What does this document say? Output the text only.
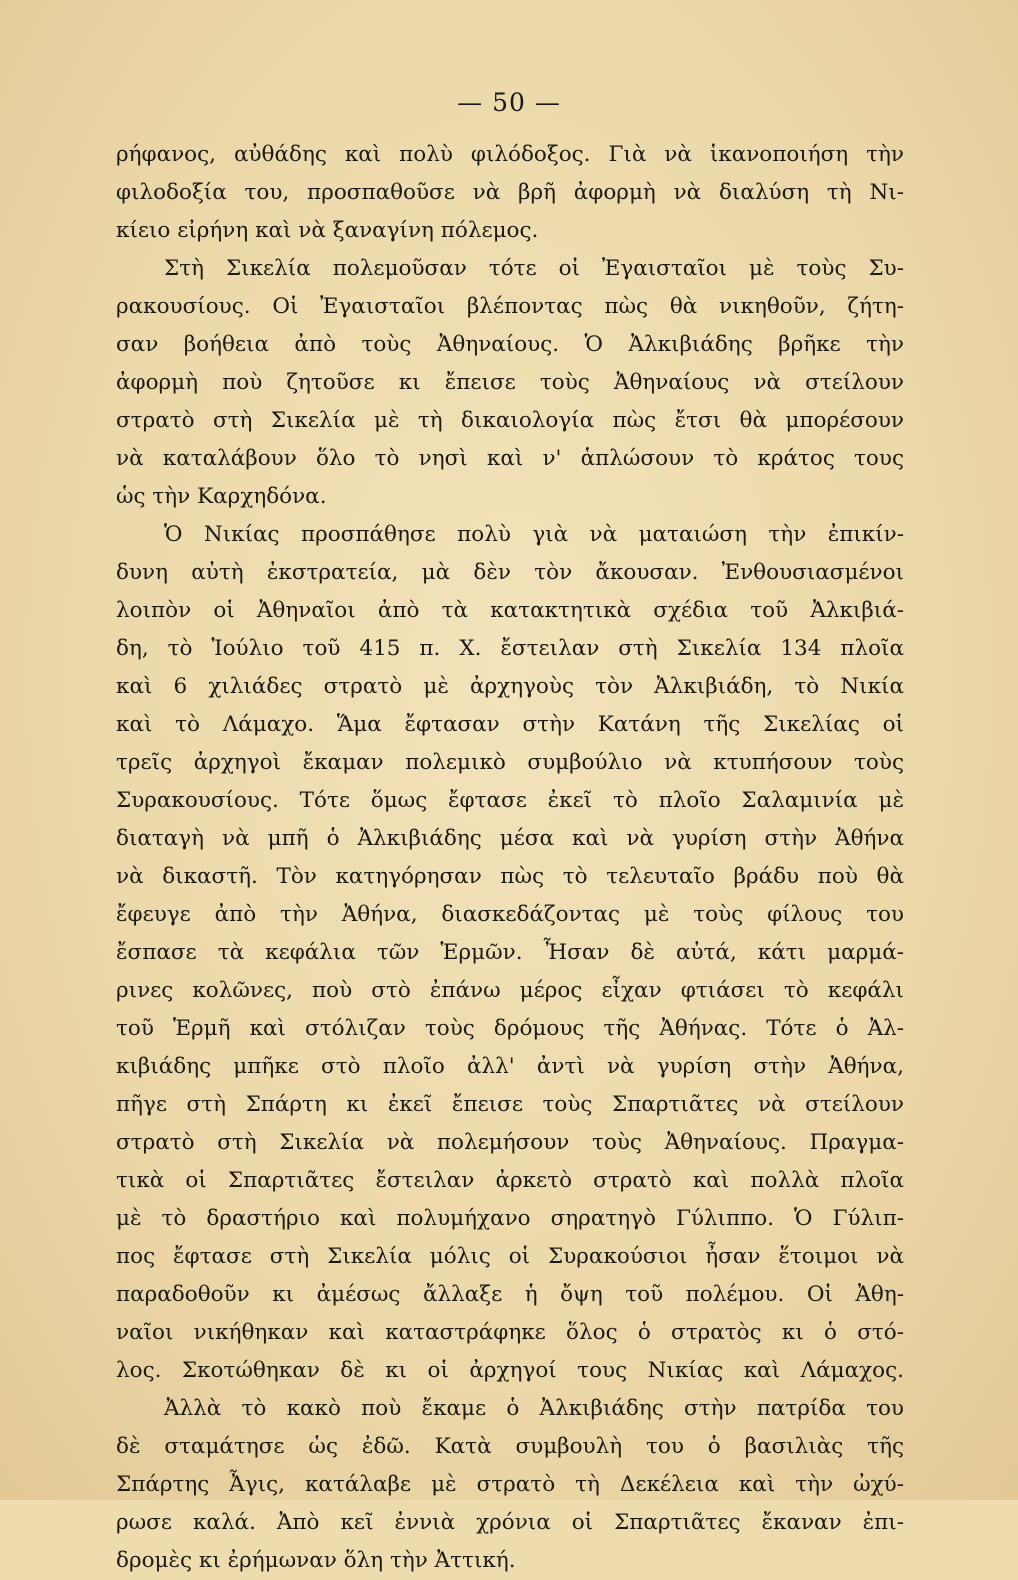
— 50 —
ρήφανος, αὐθάδης καὶ πολὺ φιλόδοξος. Γιὰ νὰ ἱκανοποιήση τὴν
φιλοδοξία του, προσπαθοῦσε νὰ βρῆ ἀφορμὴ νὰ διαλύση τὴ Νι-
κίειο εἰρήνη καὶ νὰ ξαναγίνη πόλεμος.
Στὴ Σικελία πολεμοῦσαν τότε οἱ Ἐγαισταῖοι μὲ τοὺς Συ-
ρακουσίους. Οἱ Ἐγαισταῖοι βλέποντας πὼς θὰ νικηθοῦν, ζήτη-
σαν βοήθεια ἀπὸ τοὺς Ἀθηναίους. Ὁ Ἀλκιβιάδης βρῆκε τὴν
ἀφορμὴ ποὺ ζητοῦσε κι ἔπεισε τοὺς Ἀθηναίους νὰ στείλουν
στρατὸ στὴ Σικελία μὲ τὴ δικαιολογία πὼς ἔτσι θὰ μπορέσουν
νὰ καταλάβουν ὅλο τὸ νησὶ καὶ ν' ἁπλώσουν τὸ κράτος τους
ὡς τὴν Καρχηδόνα.
Ὁ Νικίας προσπάθησε πολὺ γιὰ νὰ ματαιώση τὴν ἐπικίν-
δυνη αὐτὴ ἐκστρατεία, μὰ δὲν τὸν ἄκουσαν. Ἐνθουσιασμένοι
λοιπὸν οἱ Ἀθηναῖοι ἀπὸ τὰ κατακτητικὰ σχέδια τοῦ Ἀλκιβιά-
δη, τὸ Ἰούλιο τοῦ 415 π. Χ. ἔστειλαν στὴ Σικελία 134 πλοῖα
καὶ 6 χιλιάδες στρατὸ μὲ ἀρχηγοὺς τὸν Ἀλκιβιάδη, τὸ Νικία
καὶ τὸ Λάμαχο. Ἅμα ἔφτασαν στὴν Κατάνη τῆς Σικελίας οἱ
τρεῖς ἀρχηγοὶ ἔκαμαν πολεμικὸ συμβούλιο νὰ κτυπήσουν τοὺς
Συρακουσίους. Τότε ὅμως ἔφτασε ἐκεῖ τὸ πλοῖο Σαλαμινία μὲ
διαταγὴ νὰ μπῆ ὁ Ἀλκιβιάδης μέσα καὶ νὰ γυρίση στὴν Ἀθήνα
νὰ δικαστῆ. Τὸν κατηγόρησαν πὼς τὸ τελευταῖο βράδυ ποὺ θὰ
ἔφευγε ἀπὸ τὴν Ἀθήνα, διασκεδάζοντας μὲ τοὺς φίλους του
ἔσπασε τὰ κεφάλια τῶν Ἑρμῶν. Ἦσαν δὲ αὐτά, κάτι μαρμά-
ρινες κολῶνες, ποὺ στὸ ἐπάνω μέρος εἶχαν φτιάσει τὸ κεφάλι
τοῦ Ἑρμῆ καὶ στόλιζαν τοὺς δρόμους τῆς Ἀθήνας. Τότε ὁ Ἀλ-
κιβιάδης μπῆκε στὸ πλοῖο ἀλλ' ἀντὶ νὰ γυρίση στὴν Ἀθήνα,
πῆγε στὴ Σπάρτη κι ἐκεῖ ἔπεισε τοὺς Σπαρτιᾶτες νὰ στείλουν
στρατὸ στὴ Σικελία νὰ πολεμήσουν τοὺς Ἀθηναίους. Πραγμα-
τικὰ οἱ Σπαρτιᾶτες ἔστειλαν ἀρκετὸ στρατὸ καὶ πολλὰ πλοῖα
μὲ τὸ δραστήριο καὶ πολυμήχανο σηρατηγὸ Γύλιππο. Ὁ Γύλιπ-
πος ἔφτασε στὴ Σικελία μόλις οἱ Συρακούσιοι ἦσαν ἕτοιμοι νὰ
παραδοθοῦν κι ἀμέσως ἄλλαξε ἡ ὄψη τοῦ πολέμου. Οἱ Ἀθη-
ναῖοι νικήθηκαν καὶ καταστράφηκε ὅλος ὁ στρατὸς κι ὁ στό-
λος. Σκοτώθηκαν δὲ κι οἱ ἀρχηγοί τους Νικίας καὶ Λάμαχος.
Ἀλλὰ τὸ κακὸ ποὺ ἔκαμε ὁ Ἀλκιβιάδης στὴν πατρίδα του
δὲ σταμάτησε ὡς ἐδῶ. Κατὰ συμβουλὴ του ὁ βασιλιὰς τῆς
Σπάρτης Ἆγις, κατάλαβε μὲ στρατὸ τὴ Δεκέλεια καὶ τὴν ὠχύ-
ρωσε καλά. Ἀπὸ κεῖ ἐννιὰ χρόνια οἱ Σπαρτιᾶτες ἔκαναν ἐπι-
δρομὲς κι ἐρήμωναν ὅλη τὴν Ἀττική.
